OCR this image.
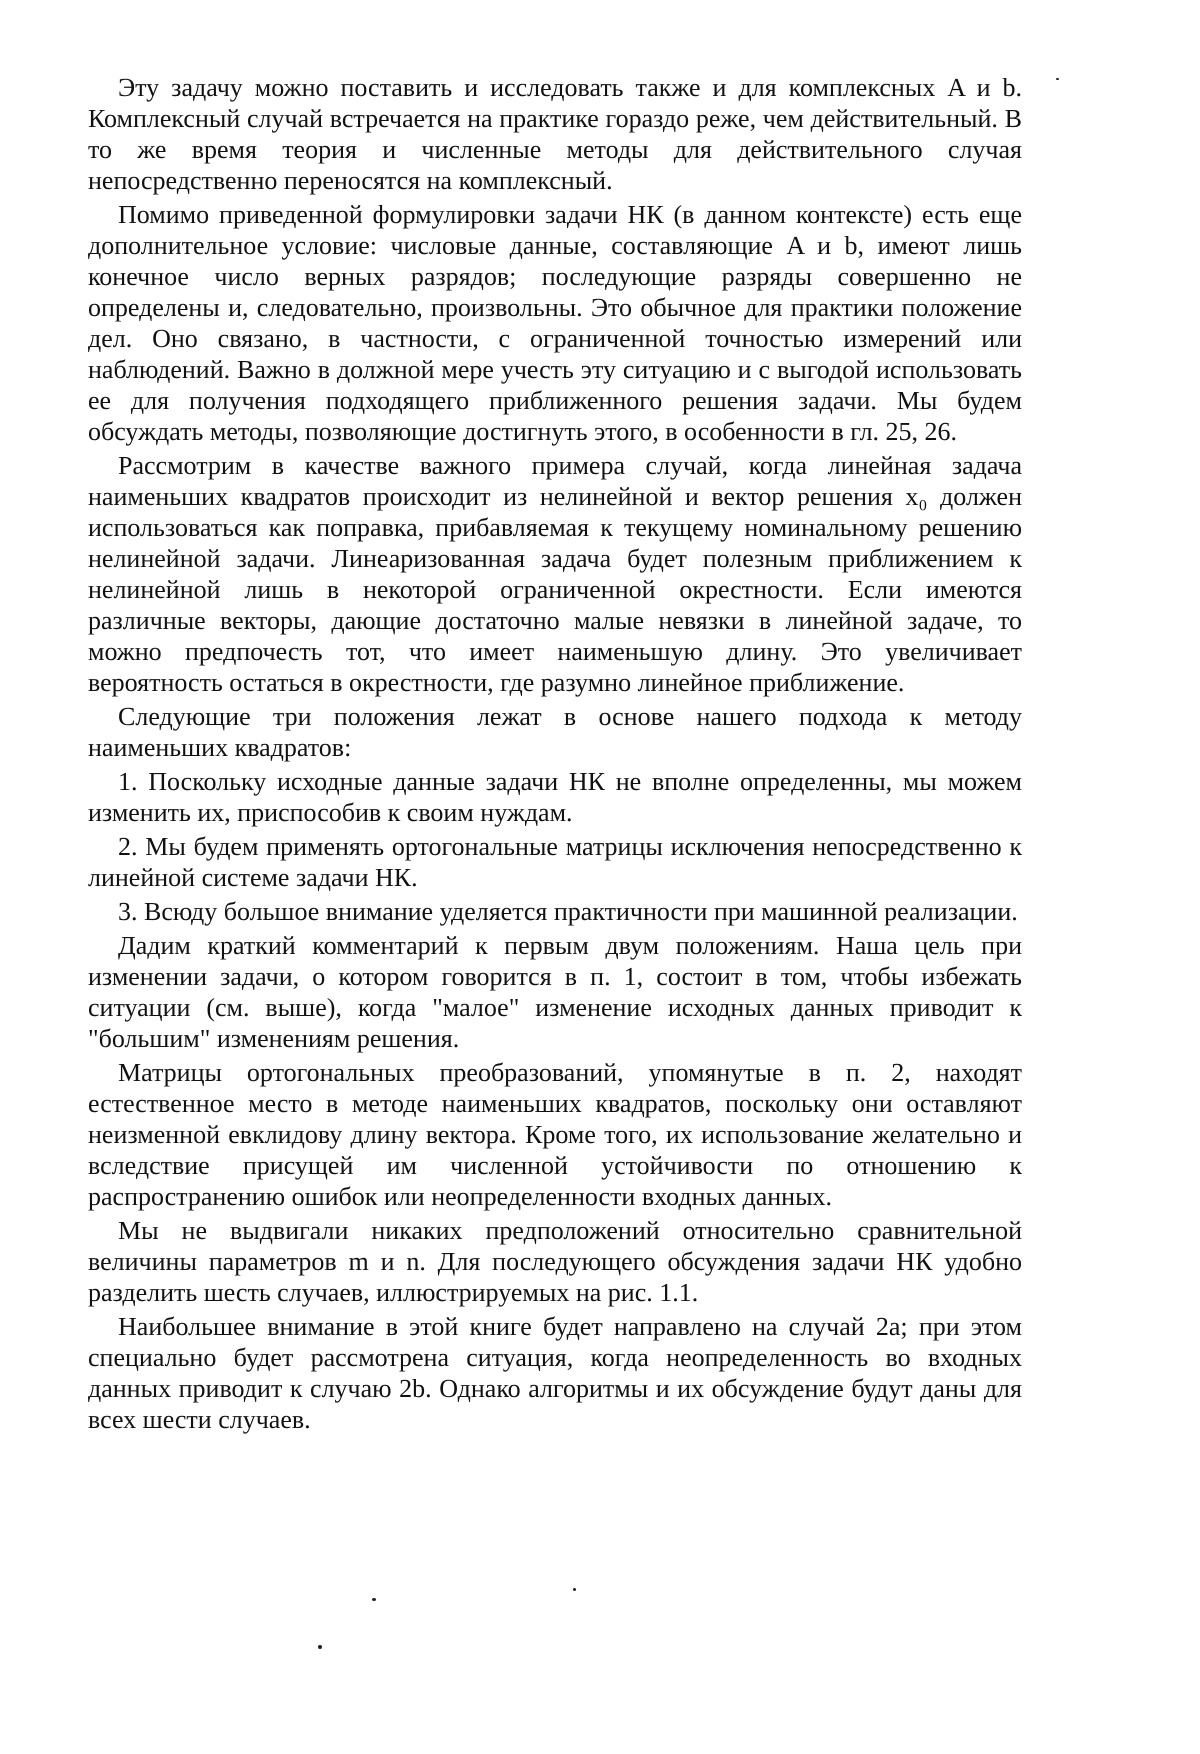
Эту задачу можно поставить и исследовать также и для комплексных A и b. Комплексный случай встречается на практике гораздо реже, чем действительный. В то же время теория и численные методы для действительного случая непосредственно переносятся на комплексный.

Помимо приведенной формулировки задачи НК (в данном контексте) есть еще дополнительное условие: числовые данные, составляющие A и b, имеют лишь конечное число верных разрядов; последующие разряды совершенно не определены и, следовательно, произвольны. Это обычное для практики положение дел. Оно связано, в частности, с ограниченной точностью измерений или наблюдений. Важно в должной мере учесть эту ситуацию и с выгодой использовать ее для получения подходящего приближенного решения задачи. Мы будем обсуждать методы, позволяющие достигнуть этого, в особенности в гл. 25, 26.

Рассмотрим в качестве важного примера случай, когда линейная задача наименьших квадратов происходит из нелинейной и вектор решения x₀ должен использоваться как поправка, прибавляемая к текущему номинальному решению нелинейной задачи. Линеаризованная задача будет полезным приближением к нелинейной лишь в некоторой ограниченной окрестности. Если имеются различные векторы, дающие достаточно малые невязки в линейной задаче, то можно предпочесть тот, что имеет наименьшую длину. Это увеличивает вероятность остаться в окрестности, где разумно линейное приближение.

Следующие три положения лежат в основе нашего подхода к методу наименьших квадратов:

1. Поскольку исходные данные задачи НК не вполне определенны, мы можем изменить их, приспособив к своим нуждам.

2. Мы будем применять ортогональные матрицы исключения непосредственно к линейной системе задачи НК.

3. Всюду большое внимание уделяется практичности при машинной реализации.

Дадим краткий комментарий к первым двум положениям. Наша цель при изменении задачи, о котором говорится в п. 1, состоит в том, чтобы избежать ситуации (см. выше), когда "малое" изменение исходных данных приводит к "большим" изменениям решения.

Матрицы ортогональных преобразований, упомянутые в п. 2, находят естественное место в методе наименьших квадратов, поскольку они оставляют неизменной евклидову длину вектора. Кроме того, их использование желательно и вследствие присущей им численной устойчивости по отношению к распространению ошибок или неопределенности входных данных.

Мы не выдвигали никаких предположений относительно сравнительной величины параметров m и n. Для последующего обсуждения задачи НК удобно разделить шесть случаев, иллюстрируемых на рис. 1.1.

Наибольшее внимание в этой книге будет направлено на случай 2a; при этом специально будет рассмотрена ситуация, когда неопределенность во входных данных приводит к случаю 2b. Однако алгоритмы и их обсуждение будут даны для всех шести случаев.
